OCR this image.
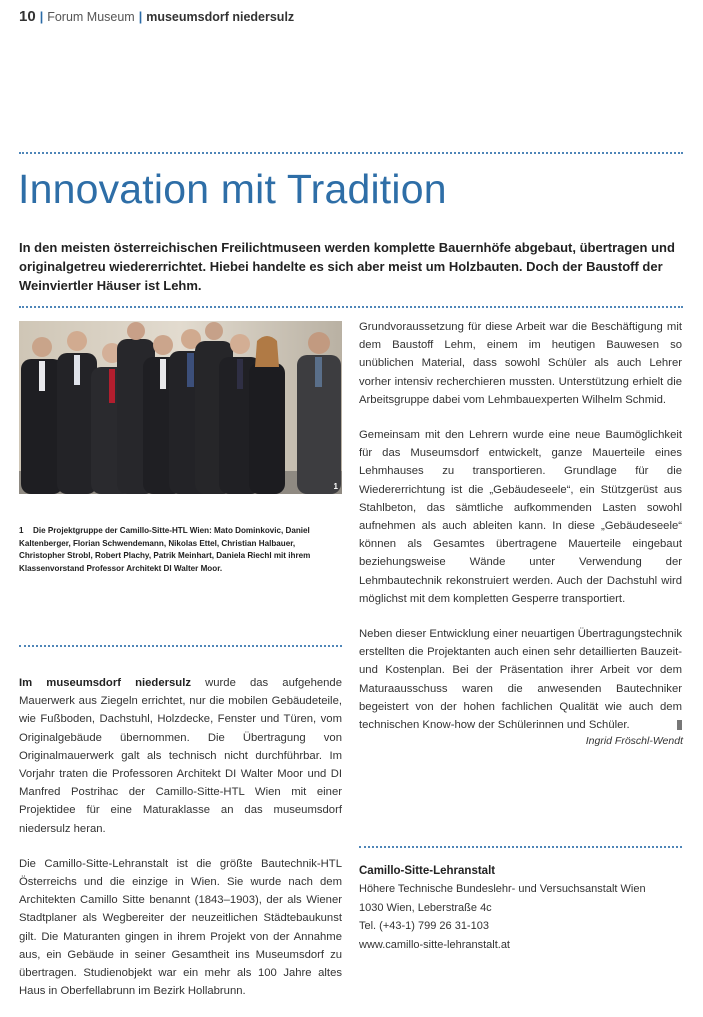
10 | Forum Museum | museumsdorf niedersulz
Innovation mit Tradition
In den meisten österreichischen Freilichtmuseen werden komplette Bauernhöfe abgebaut, übertragen und originalgetreu wiedererrichtet. Hiebei handelte es sich aber meist um Holzbauten. Doch der Baustoff der Weinviertler Häuser ist Lehm.
1
1 Die Projektgruppe der Camillo-Sitte-HTL Wien: Mato Dominkovic, Daniel Kaltenberger, Florian Schwendemann, Nikolas Ettel, Christian Halbauer, Christopher Strobl, Robert Plachy, Patrik Meinhart, Daniela Riechl mit ihrem Klassenvorstand Professor Architekt DI Walter Moor.

Im museumsdorf niedersulz wurde das aufgehende Mauerwerk aus Ziegeln errichtet, nur die mobilen Gebäudeteile, wie Fußboden, Dachstuhl, Holzdecke, Fenster und Türen, vom Originalgebäude übernommen. Die Übertragung von Originalmauerwerk galt als technisch nicht durchführbar. Im Vorjahr traten die Professoren Architekt DI Walter Moor und DI Manfred Postrihac der Camillo-Sitte-HTL Wien mit einer Projektidee für eine Maturaklasse an das museumsdorf niedersulz heran.

Die Camillo-Sitte-Lehranstalt ist die größte Bautechnik-HTL Österreichs und die einzige in Wien. Sie wurde nach dem Architekten Camillo Sitte benannt (1843–1903), der als Wiener Stadtplaner als Wegbereiter der neuzeitlichen Städtebaukunst gilt. Die Maturanten gingen in ihrem Projekt von der Annahme aus, ein Gebäude in seiner Gesamtheit ins Museumsdorf zu übertragen. Studienobjekt war ein mehr als 100 Jahre altes Haus in Oberfellabrunn im Bezirk Hollabrunn.

Grundvoraussetzung für diese Arbeit war die Beschäftigung mit dem Baustoff Lehm, einem im heutigen Bauwesen so unüblichen Material, dass sowohl Schüler als auch Lehrer vorher intensiv recherchieren mussten. Unterstützung erhielt die Arbeitsgruppe dabei vom Lehmbauexperten Wilhelm Schmid.

Gemeinsam mit den Lehrern wurde eine neue Baumöglichkeit für das Museumsdorf entwickelt, ganze Mauerteile eines Lehmhauses zu transportieren. Grundlage für die Wiedererrichtung ist die „Gebäudeseele“, ein Stützgerüst aus Stahlbeton, das sämtliche aufkommenden Lasten sowohl aufnehmen als auch ableiten kann. In diese „Gebäudeseele“ können als Gesamtes übertragene Mauerteile eingebaut beziehungsweise Wände unter Verwendung der Lehmbautechnik rekonstruiert werden. Auch der Dachstuhl wird möglichst mit dem kompletten Gesperre transportiert.

Neben dieser Entwicklung einer neuartigen Übertragungstechnik erstellten die Projektanten auch einen sehr detaillierten Bauzeit- und Kostenplan. Bei der Präsentation ihrer Arbeit vor dem Maturaausschuss waren die anwesenden Bautechniker begeistert von der hohen fachlichen Qualität wie auch dem technischen Know-how der Schülerinnen und Schüler.

Ingrid Fröschl-Wendt
Camillo-Sitte-Lehranstalt
Höhere Technische Bundeslehr- und Versuchsanstalt Wien
1030 Wien, Leberstraße 4c
Tel. (+43-1) 799 26 31-103
www.camillo-sitte-lehranstalt.at
